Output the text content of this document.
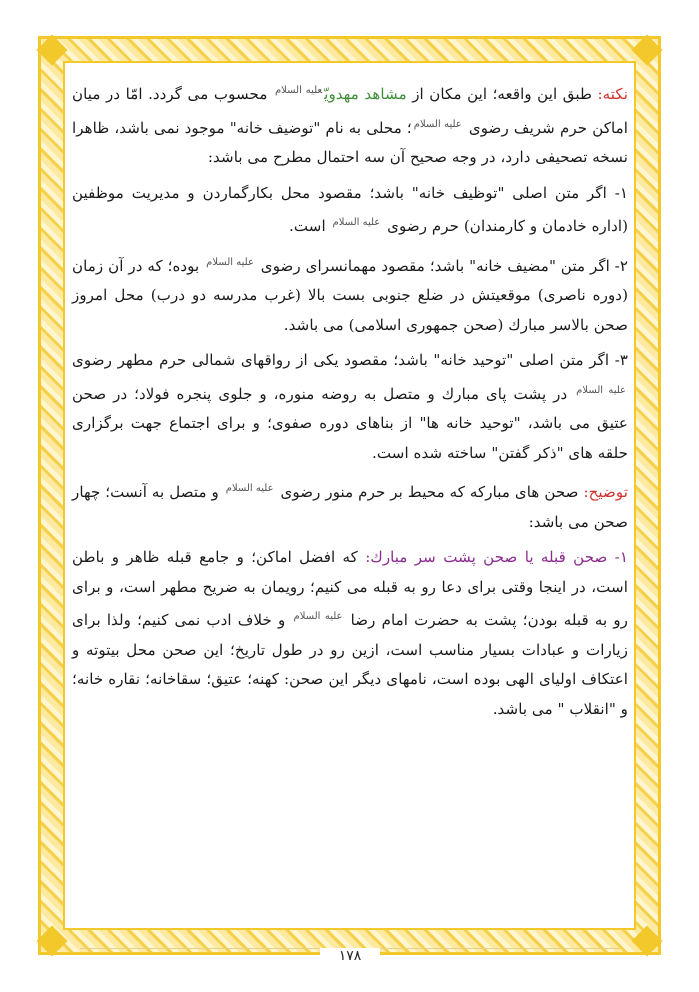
نکته: طبق این واقعه؛ این مکان از مشاهد مهدویّ$^{علیه السلام}$ محسوب می گردد. امّا در میان اماکن حرم شریف رضوی $^{علیه السلام}$؛ محلی به نام "توضیف خانه" موجود نمی باشد، ظاهرا نسخه تصحیفی دارد، در وجه صحیح آن سه احتمال مطرح می باشد:

۱- اگر متن اصلی "توظیف خانه" باشد؛ مقصود محل بکارگماردن و مدیریت موظفین (اداره خادمان و کارمندان) حرم رضوی $^{علیه السلام}$ است.

۲- اگر متن "مضیف خانه" باشد؛ مقصود مهمانسرای رضوی $^{علیه السلام}$ بوده؛ که در آن زمان (دوره ناصری) موقعیتش در ضلع جنوبی بست بالا (غرب مدرسه دو درب) محل امروز صحن بالاسر مبارك (صحن جمهوری اسلامی) می باشد.

۳- اگر متن اصلی "توحید خانه" باشد؛ مقصود یکی از رواقهای شمالی حرم مطهر رضوی $^{علیه السلام}$ در پشت پای مبارك و متصل به روضه منوره، و جلوی پنجره فولاد؛ در صحن عتیق می باشد، "توحید خانه ها" از بناهای دوره صفوی؛ و برای اجتماع جهت برگزاری حلقه های "ذکر گفتن" ساخته شده است.

توضیح: صحن های مبارکه که محیط بر حرم منور رضوی $^{علیه السلام}$ و متصل به آنست؛ چهار صحن می باشد:

۱- صحن قبله یا صحن پشت سر مبارك: که افضل اماکن؛ و جامع قبله ظاهر و باطن است، در اینجا وقتی برای دعا رو به قبله می کنیم؛ رویمان به ضریح مطهر است، و برای رو به قبله بودن؛ پشت به حضرت امام رضا $^{علیه السلام}$ و خلاف ادب نمی کنیم؛ ولذا برای زیارات و عبادات بسیار مناسب است، ازین رو در طول تاریخ؛ این صحن محل بیتوته و اعتکاف اولیای الهی بوده است، نامهای دیگر این صحن: کهنه؛ عتیق؛ سقاخانه؛ نقاره خانه؛ و "انقلاب " می باشد.

۱۷۸
